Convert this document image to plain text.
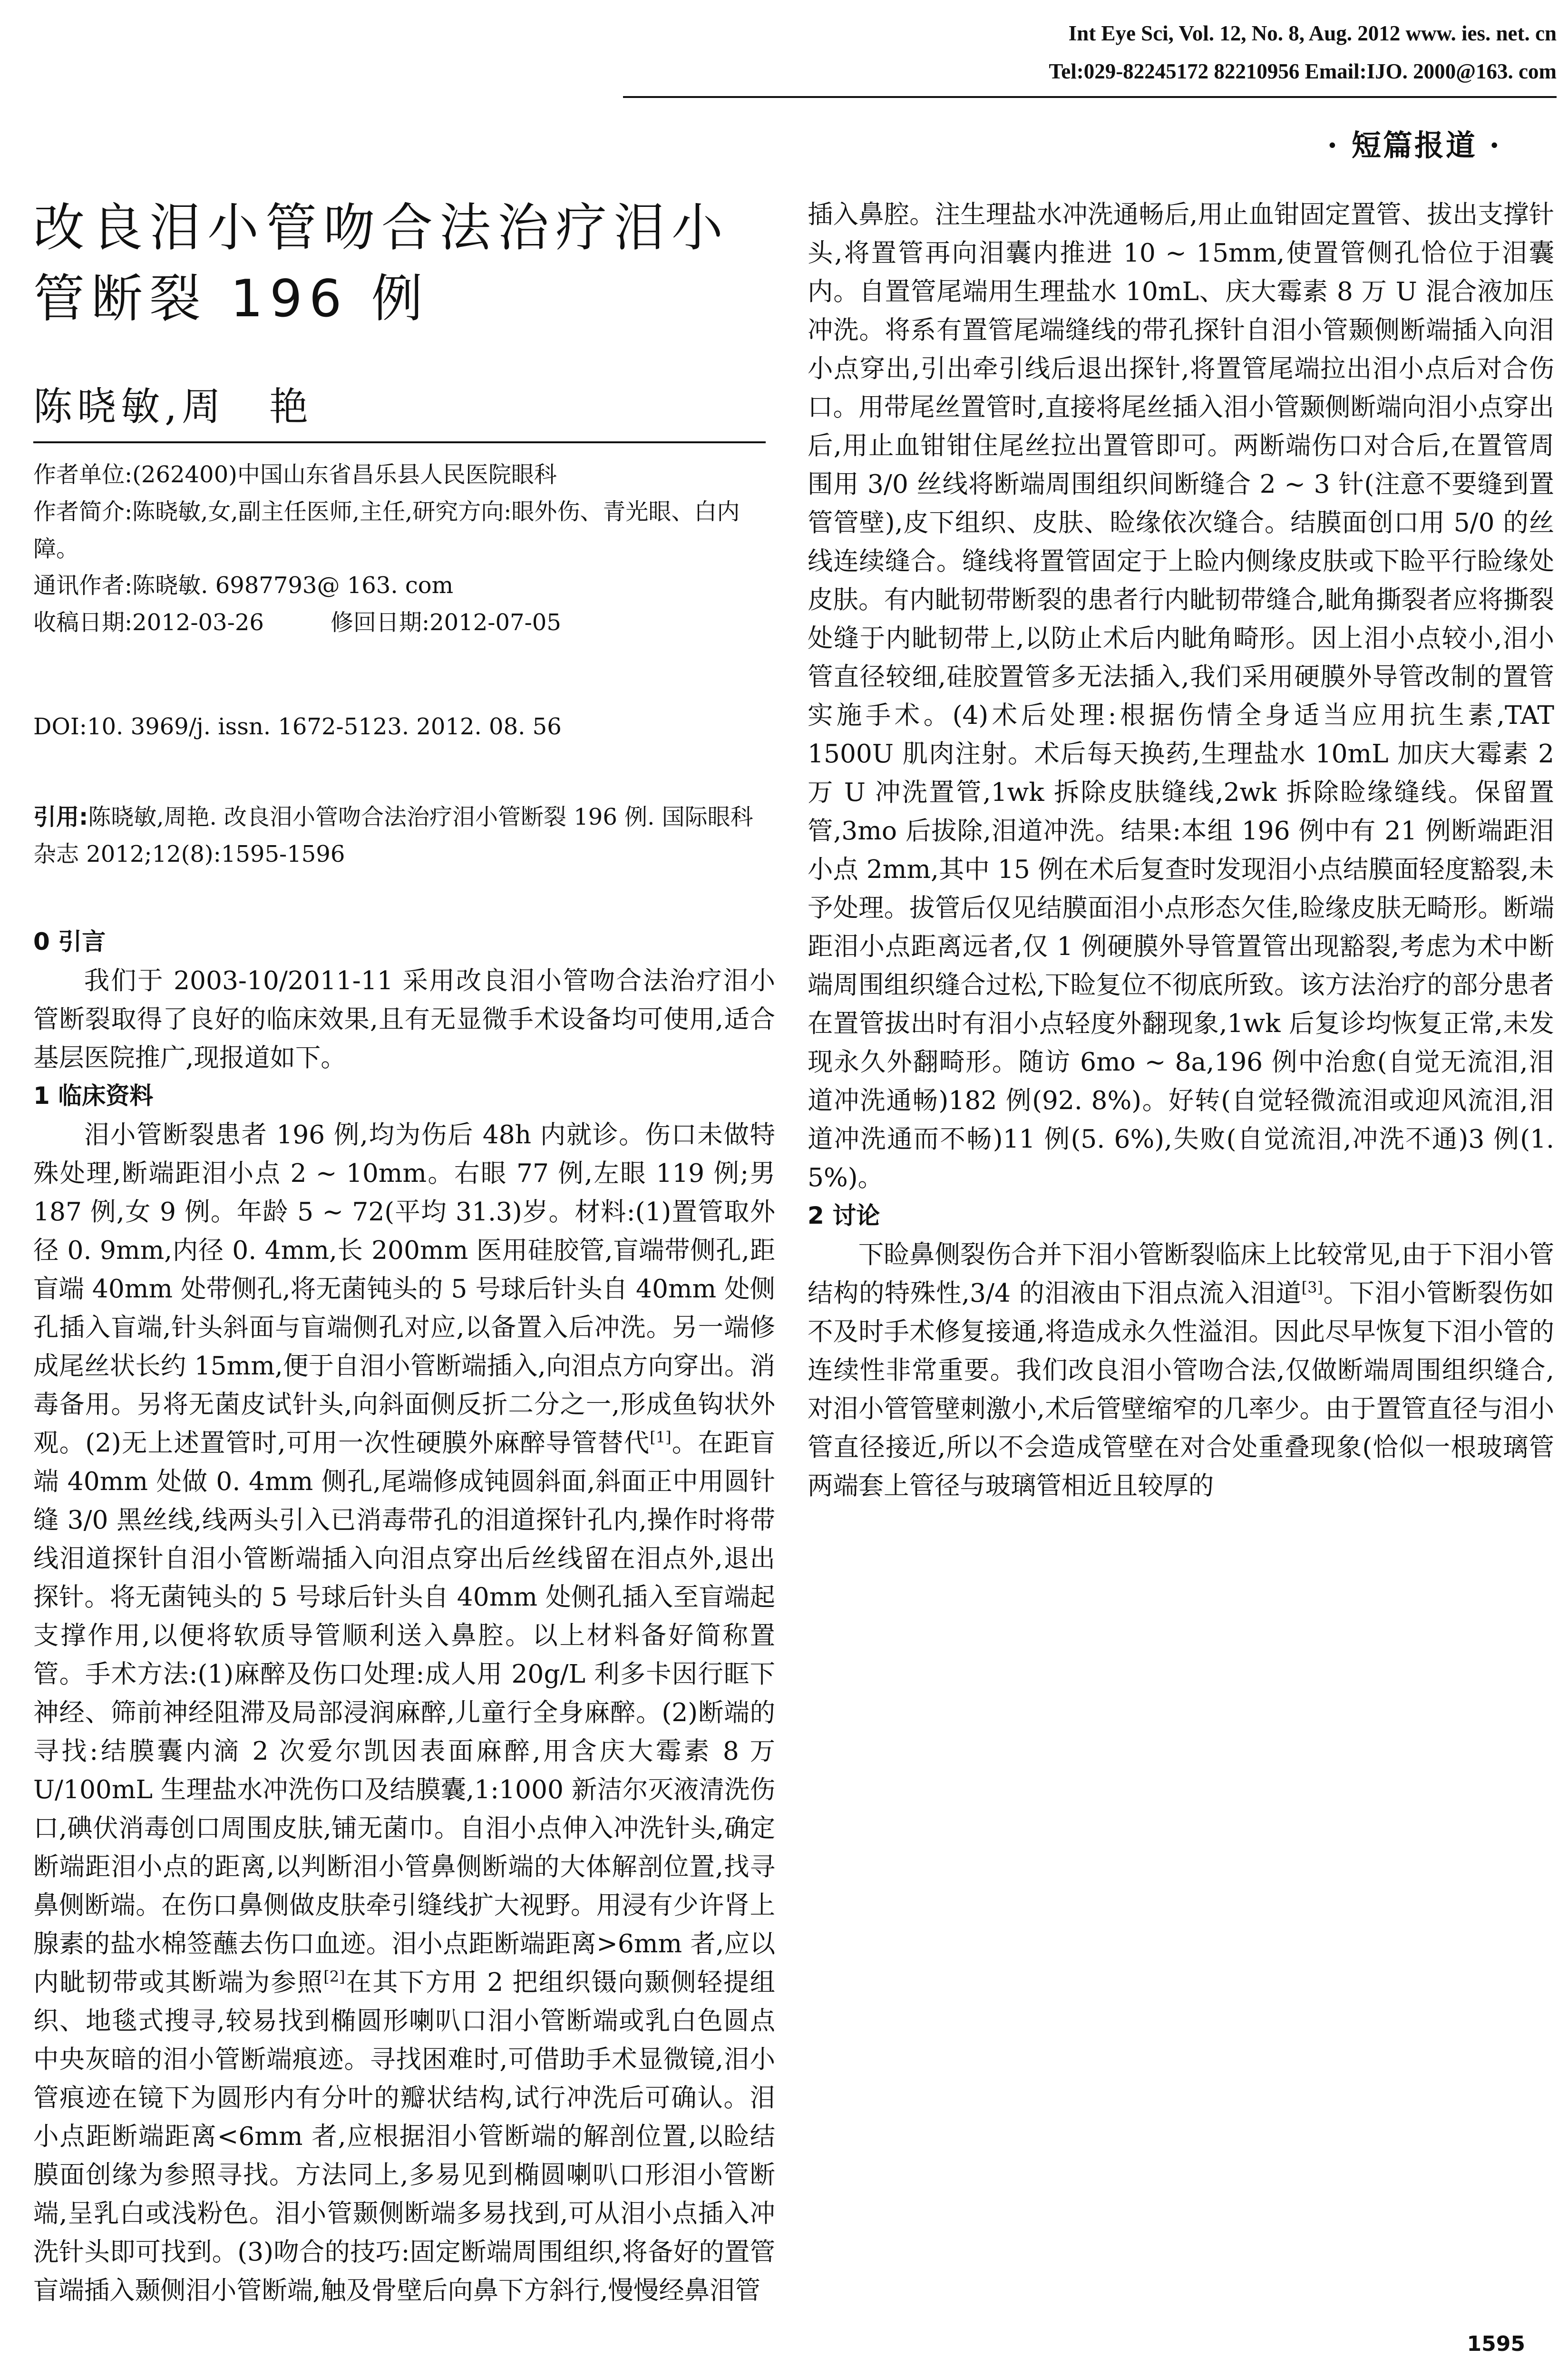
Int Eye Sci, Vol. 12, No. 8, Aug. 2012 www. ies. net. cn
Tel:029-82245172 82210956 Email:IJO. 2000@163. com
· 短篇报道 ·
改良泪小管吻合法治疗泪小管断裂 196 例
陈晓敏,周　艳

作者单位:(262400)中国山东省昌乐县人民医院眼科

作者简介:陈晓敏,女,副主任医师,主任,研究方向:眼外伤、青光眼、白内障。

通讯作者:陈晓敏. 6987793@ 163. com

收稿日期:2012-03-26	修回日期:2012-07-05

DOI:10. 3969/j. issn. 1672-5123. 2012. 08. 56

引用:陈晓敏,周艳. 改良泪小管吻合法治疗泪小管断裂 196 例. 国际眼科杂志 2012;12(8):1595-1596

0 引言

我们于 2003-10/2011-11 采用改良泪小管吻合法治疗泪小管断裂取得了良好的临床效果,且有无显微手术设备均可使用,适合基层医院推广,现报道如下。

1 临床资料

泪小管断裂患者 196 例,均为伤后 48h 内就诊。伤口未做特殊处理,断端距泪小点 2 ~ 10mm。右眼 77 例,左眼 119 例;男 187 例,女 9 例。年龄 5 ~ 72(平均 31.3)岁。材料:(1)置管取外径 0. 9mm,内径 0. 4mm,长 200mm 医用硅胶管,盲端带侧孔,距盲端 40mm 处带侧孔,将无菌钝头的 5 号球后针头自 40mm 处侧孔插入盲端,针头斜面与盲端侧孔对应,以备置入后冲洗。另一端修成尾丝状长约 15mm,便于自泪小管断端插入,向泪点方向穿出。消毒备用。另将无菌皮试针头,向斜面侧反折二分之一,形成鱼钩状外观。(2)无上述置管时,可用一次性硬膜外麻醉导管替代[1]。在距盲端 40mm 处做 0. 4mm 侧孔,尾端修成钝圆斜面,斜面正中用圆针缝 3/0 黑丝线,线两头引入已消毒带孔的泪道探针孔内,操作时将带线泪道探针自泪小管断端插入向泪点穿出后丝线留在泪点外,退出探针。将无菌钝头的 5 号球后针头自 40mm 处侧孔插入至盲端起支撑作用,以便将软质导管顺利送入鼻腔。以上材料备好简称置管。手术方法:(1)麻醉及伤口处理:成人用 20g/L 利多卡因行眶下神经、筛前神经阻滞及局部浸润麻醉,儿童行全身麻醉。(2)断端的寻找:结膜囊内滴 2 次爱尔凯因表面麻醉,用含庆大霉素 8 万 U/100mL 生理盐水冲洗伤口及结膜囊,1:1000 新洁尔灭液清洗伤口,碘伏消毒创口周围皮肤,铺无菌巾。自泪小点伸入冲洗针头,确定断端距泪小点的距离,以判断泪小管鼻侧断端的大体解剖位置,找寻鼻侧断端。在伤口鼻侧做皮肤牵引缝线扩大视野。用浸有少许肾上腺素的盐水棉签蘸去伤口血迹。泪小点距断端距离>6mm 者,应以内眦韧带或其断端为参照[2]在其下方用 2 把组织镊向颞侧轻提组织、地毯式搜寻,较易找到椭圆形喇叭口泪小管断端或乳白色圆点中央灰暗的泪小管断端痕迹。寻找困难时,可借助手术显微镜,泪小管痕迹在镜下为圆形内有分叶的瓣状结构,试行冲洗后可确认。泪小点距断端距离<6mm 者,应根据泪小管断端的解剖位置,以睑结膜面创缘为参照寻找。方法同上,多易见到椭圆喇叭口形泪小管断端,呈乳白或浅粉色。泪小管颞侧断端多易找到,可从泪小点插入冲洗针头即可找到。(3)吻合的技巧:固定断端周围组织,将备好的置管盲端插入颞侧泪小管断端,触及骨壁后向鼻下方斜行,慢慢经鼻泪管

插入鼻腔。注生理盐水冲洗通畅后,用止血钳固定置管、拔出支撑针头,将置管再向泪囊内推进 10 ~ 15mm,使置管侧孔恰位于泪囊内。自置管尾端用生理盐水 10mL、庆大霉素 8 万 U 混合液加压冲洗。将系有置管尾端缝线的带孔探针自泪小管颞侧断端插入向泪小点穿出,引出牵引线后退出探针,将置管尾端拉出泪小点后对合伤口。用带尾丝置管时,直接将尾丝插入泪小管颞侧断端向泪小点穿出后,用止血钳钳住尾丝拉出置管即可。两断端伤口对合后,在置管周围用 3/0 丝线将断端周围组织间断缝合 2 ~ 3 针(注意不要缝到置管管壁),皮下组织、皮肤、睑缘依次缝合。结膜面创口用 5/0 的丝线连续缝合。缝线将置管固定于上睑内侧缘皮肤或下睑平行睑缘处皮肤。有内眦韧带断裂的患者行内眦韧带缝合,眦角撕裂者应将撕裂处缝于内眦韧带上,以防止术后内眦角畸形。因上泪小点较小,泪小管直径较细,硅胶置管多无法插入,我们采用硬膜外导管改制的置管实施手术。(4)术后处理:根据伤情全身适当应用抗生素,TAT 1500U 肌肉注射。术后每天换药,生理盐水 10mL 加庆大霉素 2 万 U 冲洗置管,1wk 拆除皮肤缝线,2wk 拆除睑缘缝线。保留置管,3mo 后拔除,泪道冲洗。结果:本组 196 例中有 21 例断端距泪小点 2mm,其中 15 例在术后复查时发现泪小点结膜面轻度豁裂,未予处理。拔管后仅见结膜面泪小点形态欠佳,睑缘皮肤无畸形。断端距泪小点距离远者,仅 1 例硬膜外导管置管出现豁裂,考虑为术中断端周围组织缝合过松,下睑复位不彻底所致。该方法治疗的部分患者在置管拔出时有泪小点轻度外翻现象,1wk 后复诊均恢复正常,未发现永久外翻畸形。随访 6mo ~ 8a,196 例中治愈(自觉无流泪,泪道冲洗通畅)182 例(92. 8%)。好转(自觉轻微流泪或迎风流泪,泪道冲洗通而不畅)11 例(5. 6%),失败(自觉流泪,冲洗不通)3 例(1. 5%)。

2 讨论

下睑鼻侧裂伤合并下泪小管断裂临床上比较常见,由于下泪小管结构的特殊性,3/4 的泪液由下泪点流入泪道[3]。下泪小管断裂伤如不及时手术修复接通,将造成永久性溢泪。因此尽早恢复下泪小管的连续性非常重要。我们改良泪小管吻合法,仅做断端周围组织缝合,对泪小管管壁刺激小,术后管壁缩窄的几率少。由于置管直径与泪小管直径接近,所以不会造成管壁在对合处重叠现象(恰似一根玻璃管两端套上管径与玻璃管相近且较厚的

1595
